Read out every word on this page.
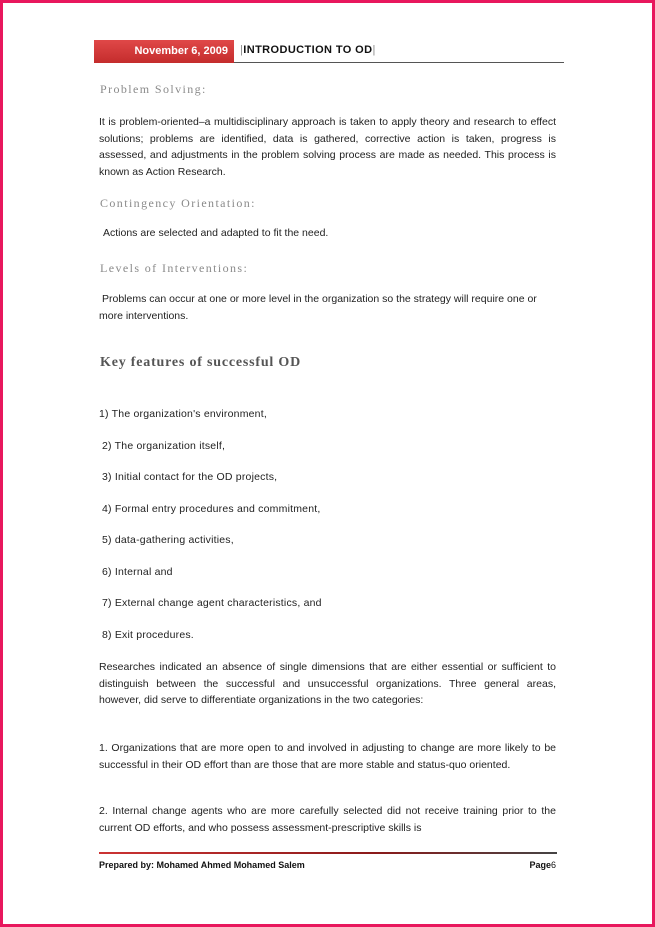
November 6, 2009	|INTRODUCTION TO OD|
Problem Solving:
It is problem-oriented–a multidisciplinary approach is taken to apply theory and research to effect solutions; problems are identified, data is gathered, corrective action is taken, progress is assessed, and adjustments in the problem solving process are made as needed. This process is known as Action Research.
Contingency Orientation:
Actions are selected and adapted to fit the need.
Levels of Interventions:
Problems can occur at one or more level in the organization so the strategy will require one or more interventions.
Key features of successful OD
1) The organization's environment,
2) The organization itself,
3) Initial contact for the OD projects,
4) Formal entry procedures and commitment,
5) data-gathering activities,
6) Internal and
7) External change agent characteristics, and
8) Exit procedures.
Researches indicated an absence of single dimensions that are either essential or sufficient to distinguish between the successful and unsuccessful organizations. Three general areas, however, did serve to differentiate organizations in the two categories:
1. Organizations that are more open to and involved in adjusting to change are more likely to be successful in their OD effort than are those that are more stable and status-quo oriented.
2. Internal change agents who are more carefully selected did not receive training prior to the current OD efforts, and who possess assessment-prescriptive skills is
Prepared by: Mohamed Ahmed Mohamed Salem	Page6
